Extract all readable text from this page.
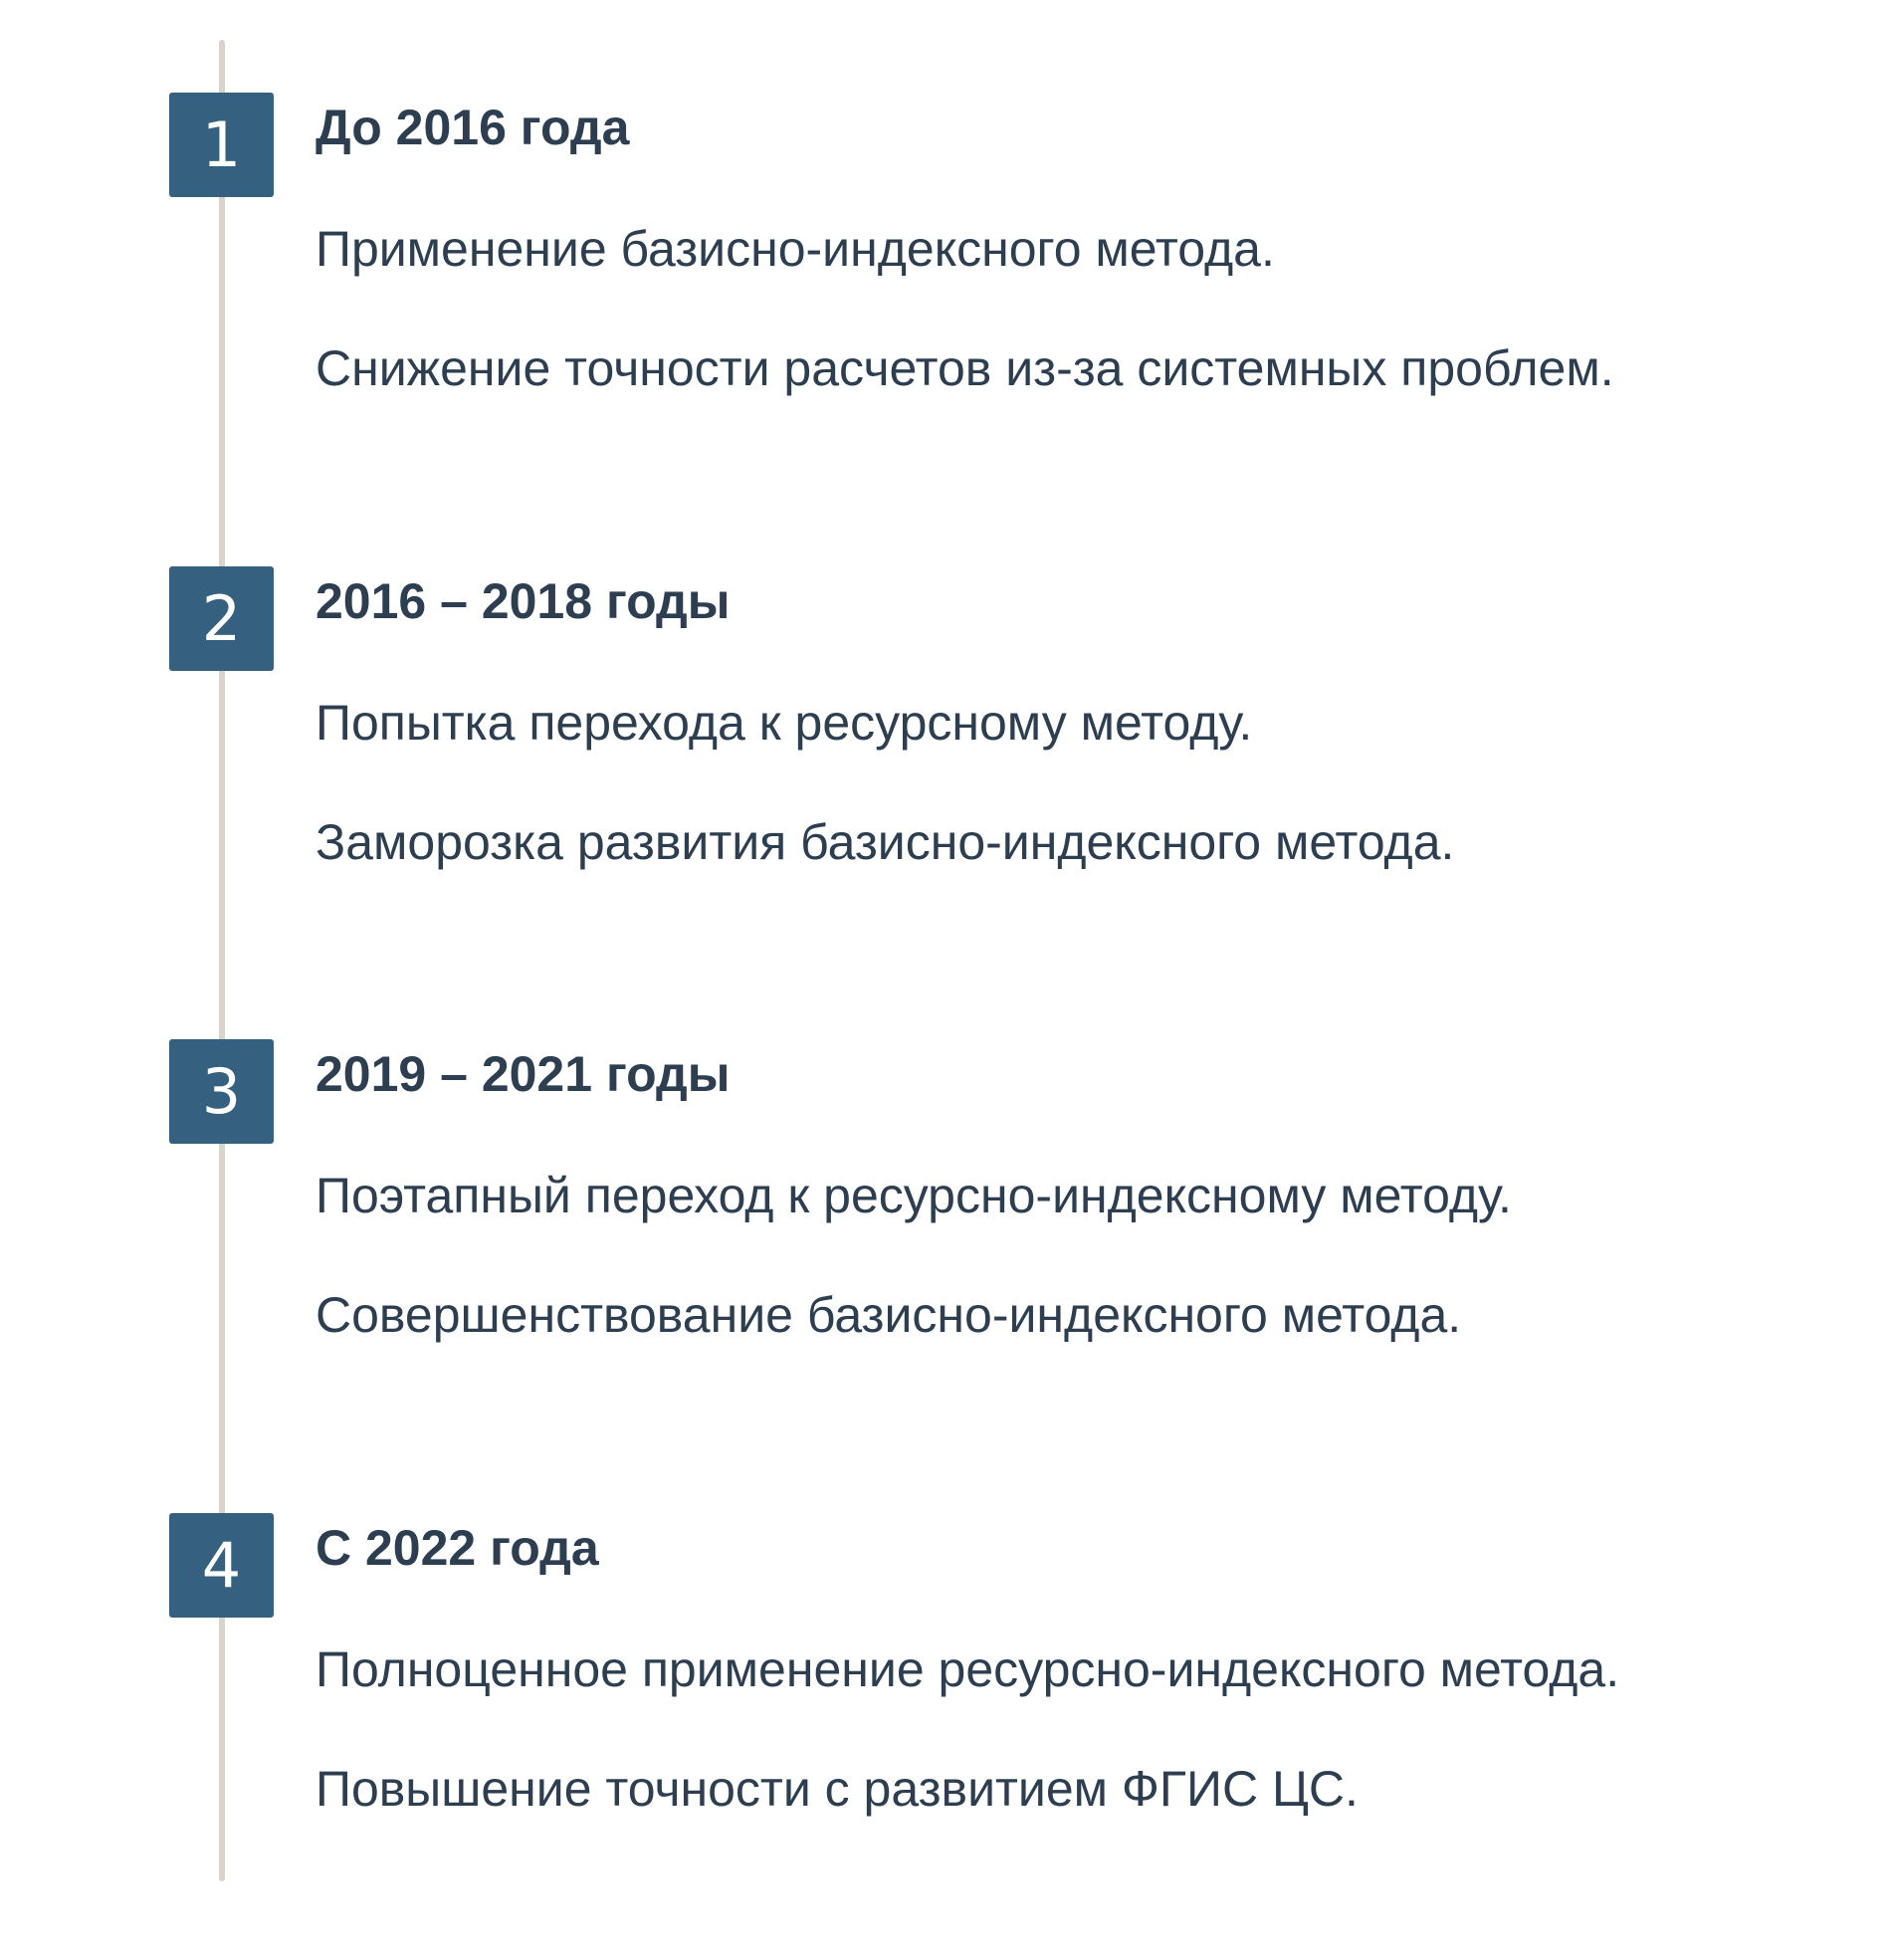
1	До 2016 года

Применение базисно-индексного метода.

Снижение точности расчетов из-за системных проблем.

2	2016 – 2018 годы

Попытка перехода к ресурсному методу.

Заморозка развития базисно-индексного метода.

3	2019 – 2021 годы

Поэтапный переход к ресурсно-индексному методу.

Совершенствование базисно-индексного метода.

4	С 2022 года

Полноценное применение ресурсно-индексного метода.

Повышение точности с развитием ФГИС ЦС.
